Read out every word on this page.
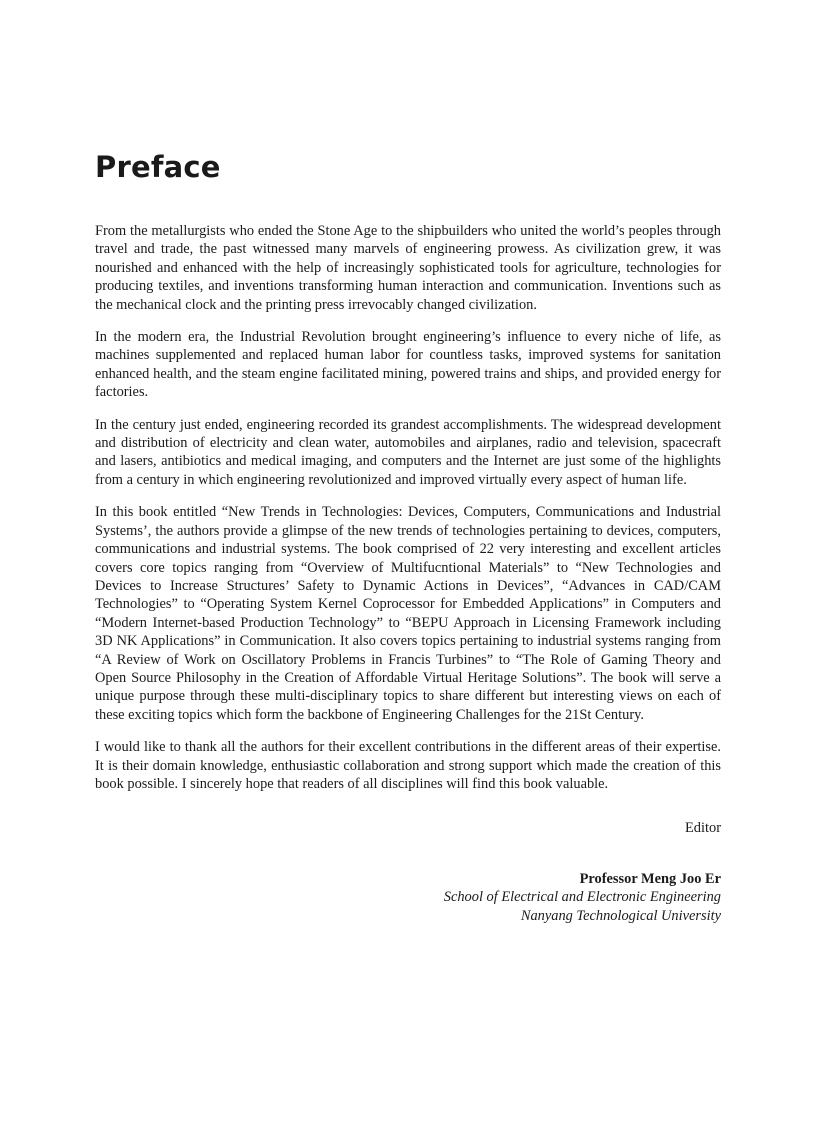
Preface

From the metallurgists who ended the Stone Age to the shipbuilders who united the world’s peoples through travel and trade, the past witnessed many marvels of engineering prowess. As civilization grew, it was nourished and enhanced with the help of increasingly sophisticated tools for agriculture, technologies for producing textiles, and inventions transforming human interaction and communication. Inventions such as the mechanical clock and the printing press irrevocably changed civilization.

In the modern era, the Industrial Revolution brought engineering’s influence to every niche of life, as machines supplemented and replaced human labor for countless tasks, improved systems for sanitation enhanced health, and the steam engine facilitated mining, powered trains and ships, and provided energy for factories.

In the century just ended, engineering recorded its grandest accomplishments. The widespread development and distribution of electricity and clean water, automobiles and airplanes, radio and television, spacecraft and lasers, antibiotics and medical imaging, and computers and the Internet are just some of the highlights from a century in which engineering revolutionized and improved virtually every aspect of human life.

In this book entitled “New Trends in Technologies: Devices, Computers, Communications and Industrial Systems’, the authors provide a glimpse of the new trends of technologies pertaining to devices, computers, communications and industrial systems. The book comprised of 22 very interesting and excellent articles covers core topics ranging from “Overview of Multifucntional Materials” to “New Technologies and Devices to Increase Structures’ Safety to Dynamic Actions in Devices”, “Advances in CAD/CAM Technologies” to “Operating System Kernel Coprocessor for Embedded Applications” in Computers and “Modern Internet-based Production Technology” to “BEPU Approach in Licensing Framework including 3D NK Applications” in Communication. It also covers topics pertaining to industrial systems ranging from “A Review of Work on Oscillatory Problems in Francis Turbines” to “The Role of Gaming Theory and Open Source Philosophy in the Creation of Affordable Virtual Heritage Solutions”. The book will serve a unique purpose through these multi-disciplinary topics to share different but interesting views on each of these exciting topics which form the backbone of Engineering Challenges for the 21St Century.

I would like to thank all the authors for their excellent contributions in the different areas of their expertise. It is their domain knowledge, enthusiastic collaboration and strong support which made the creation of this book possible. I sincerely hope that readers of all disciplines will find this book valuable.

Editor

Professor Meng Joo Er

School of Electrical and Electronic Engineering

Nanyang Technological University
